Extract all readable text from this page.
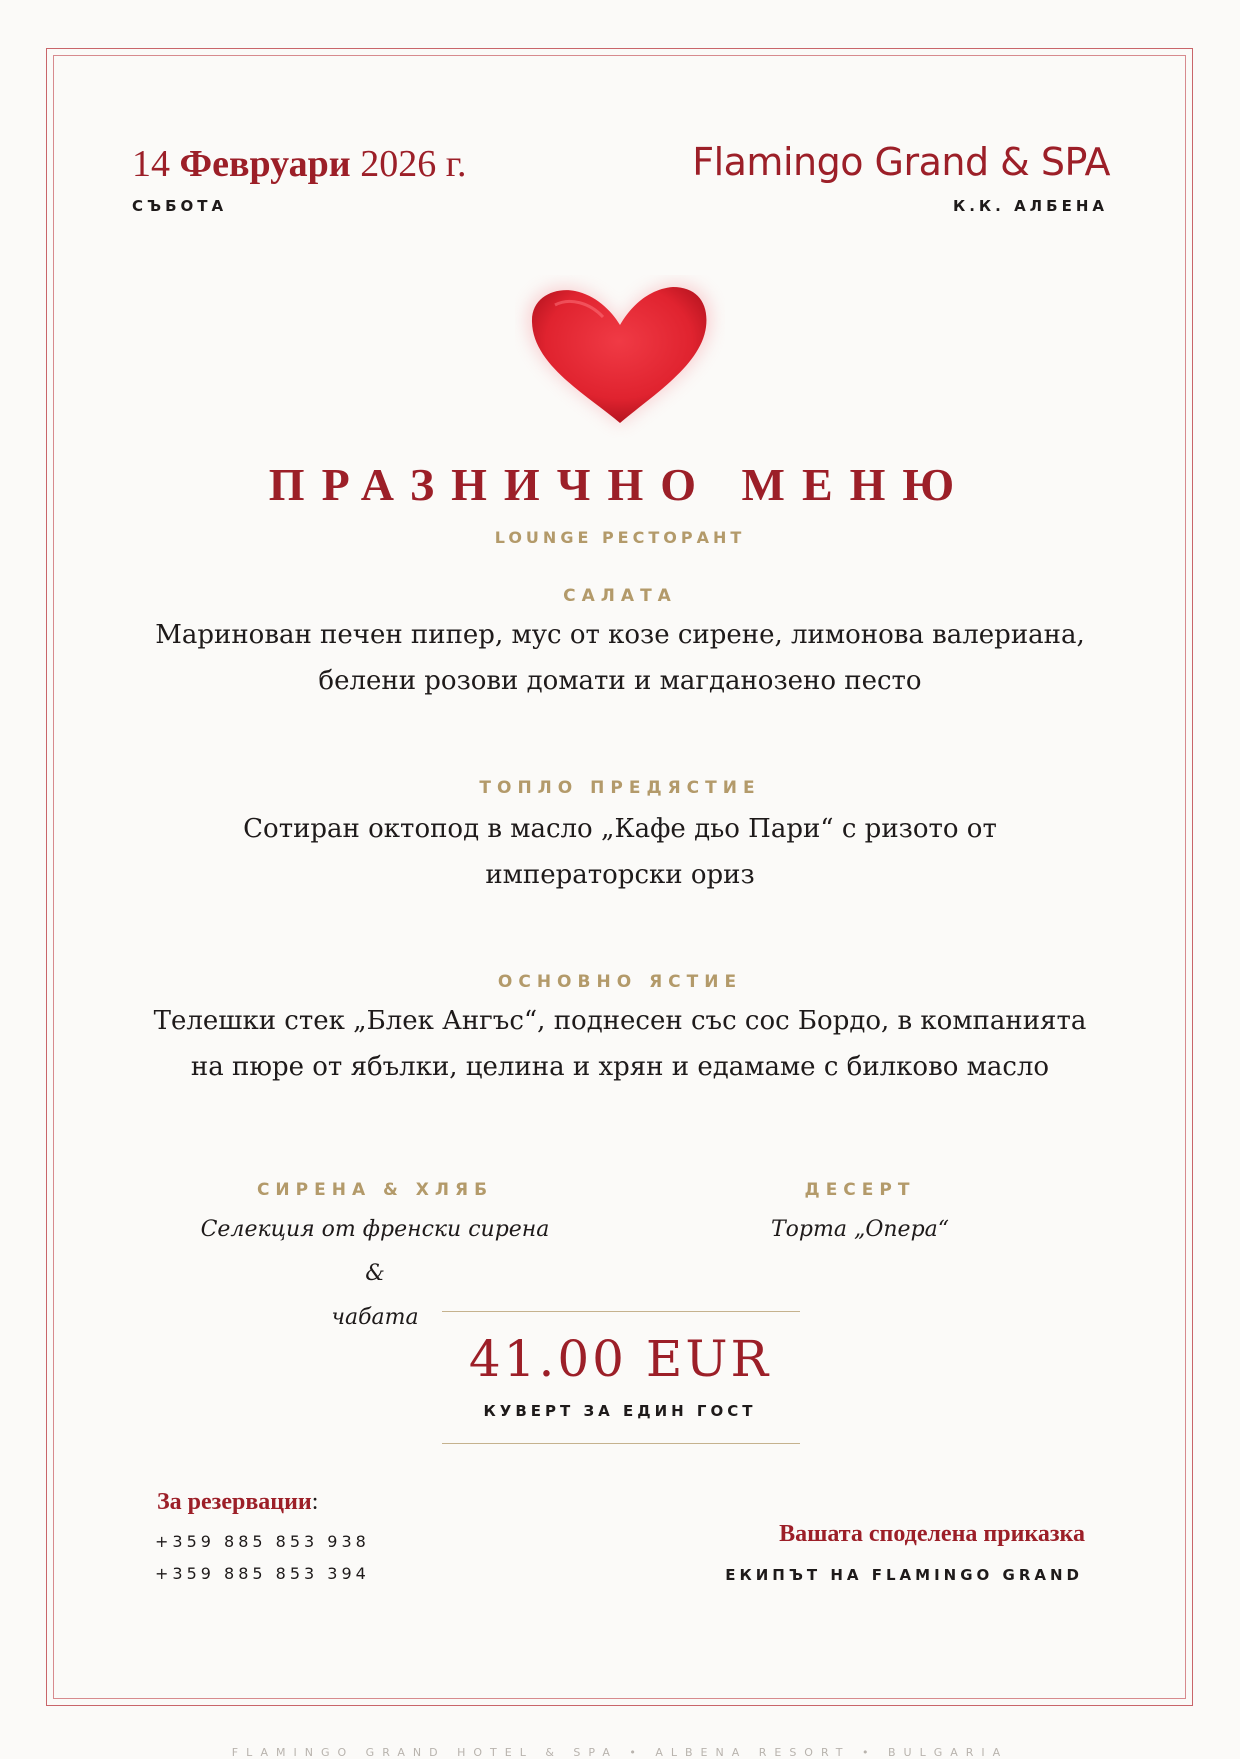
14 Февруари 2026 г.
СЪБОТА
Flamingo Grand & SPA
К.К. АЛБЕНА
ПРАЗНИЧНО МЕНЮ
LOUNGE РЕСТОРАНТ
САЛАТА
Маринован печен пипер, мус от козе сирене, лимонова валериана,
белени розови домати и магданозено песто
ТОПЛО ПРЕДЯСТИЕ
Сотиран октопод в масло „Кафе дьо Пари“ с ризото от
императорски ориз
ОСНОВНО ЯСТИЕ
Телешки стек „Блек Ангъс“, поднесен със сос Бордо, в компанията
на пюре от ябълки, целина и хрян и едамаме с билково масло
СИРЕНА & ХЛЯБ
Селекция от френски сирена &
чабата
ДЕСЕРТ
Торта „Опера“
41.00 EUR
КУВЕРТ ЗА ЕДИН ГОСТ
За резервации:
+359 885 853 938
+359 885 853 394
Вашата споделена приказка
ЕКИПЪТ НА FLAMINGO GRAND
FLAMINGO GRAND HOTEL & SPA • ALBENA RESORT • BULGARIA
